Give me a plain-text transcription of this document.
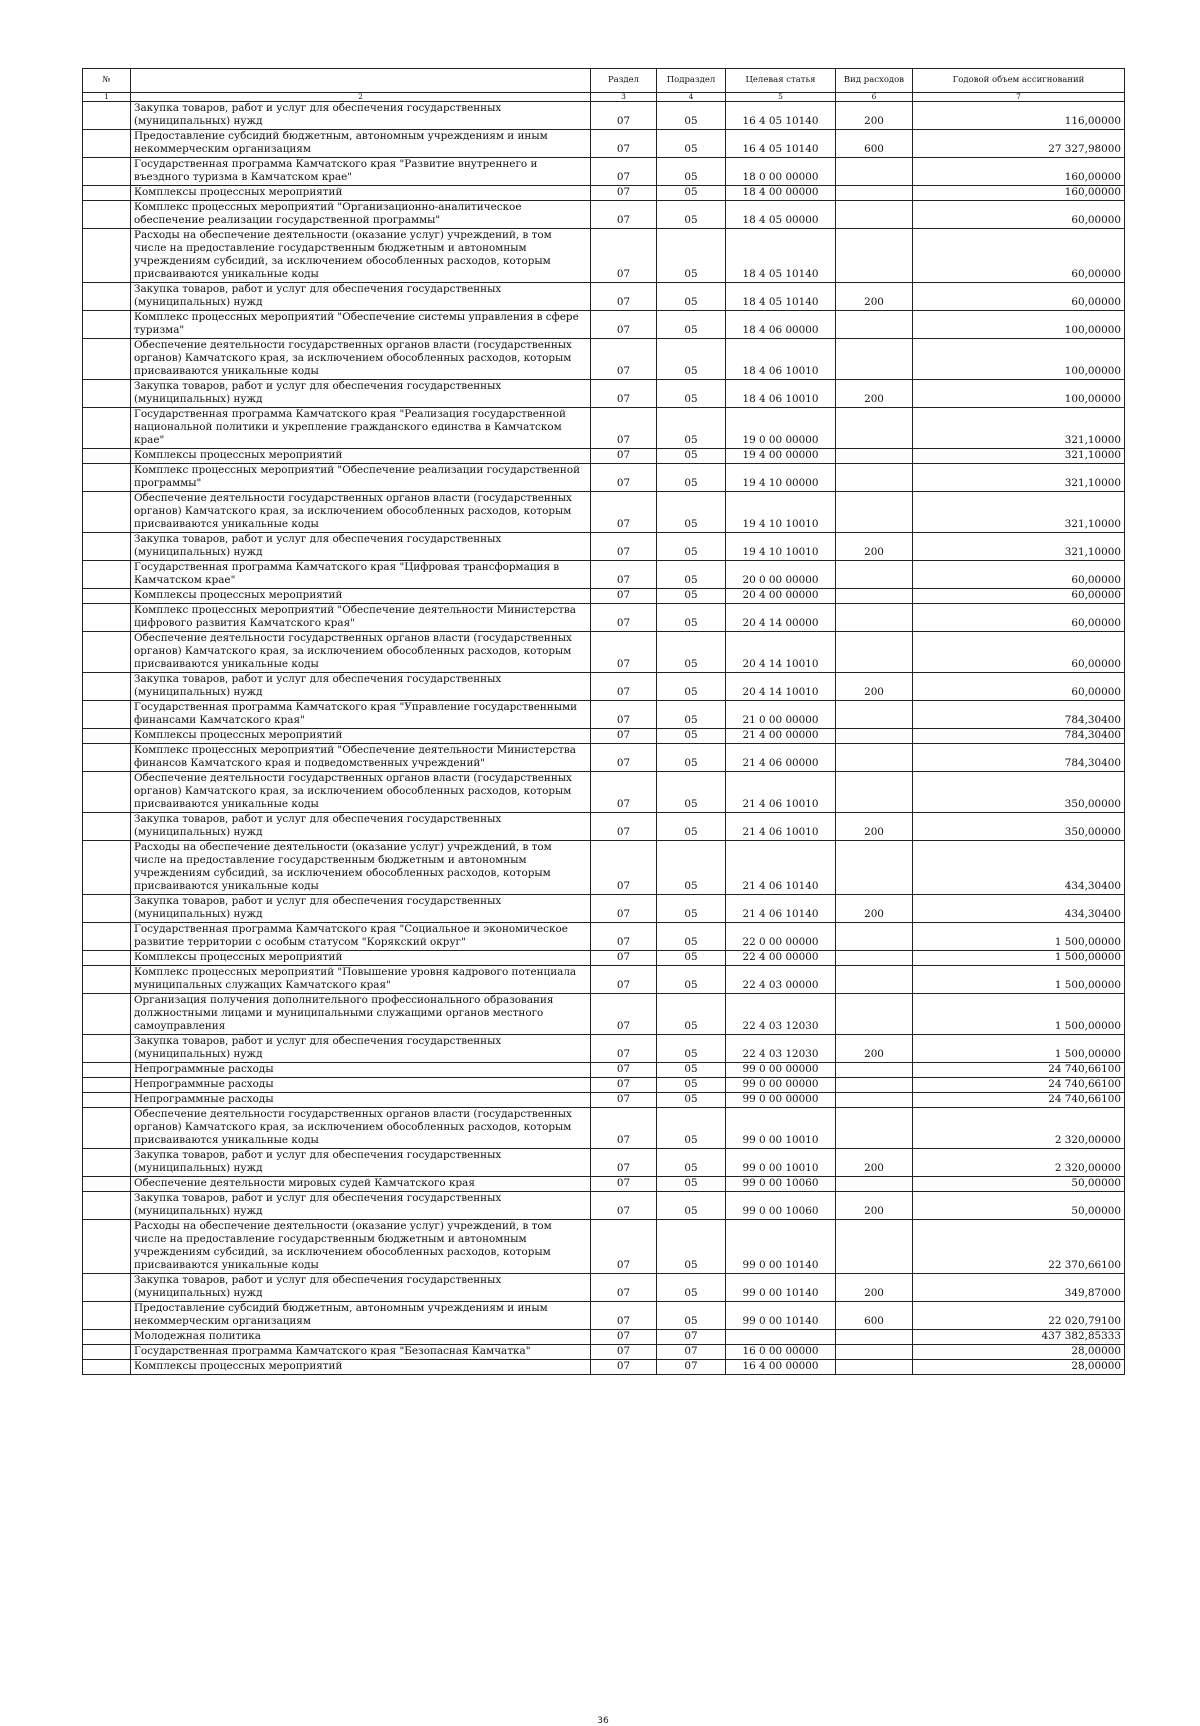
№		Раздел	Подраздел	Целевая статья	Вид расходов	Годовой объем ассигнований
1	2	3	4	5	6	7
	Закупка товаров, работ и услуг для обеспечения государственных (муниципальных) нужд	07	05	16 4 05 10140	200	116,00000
	Предоставление субсидий бюджетным, автономным учреждениям и иным некоммерческим организациям	07	05	16 4 05 10140	600	27 327,98000
	Государственная программа Камчатского края "Развитие внутреннего и въездного туризма в Камчатском крае"	07	05	18 0 00 00000		160,00000
	Комплексы процессных мероприятий	07	05	18 4 00 00000		160,00000
	Комплекс процессных мероприятий "Организационно-аналитическое обеспечение реализации государственной программы"	07	05	18 4 05 00000		60,00000
	Расходы на обеспечение деятельности (оказание услуг) учреждений, в том числе на предоставление государственным бюджетным и автономным учреждениям субсидий, за исключением обособленных расходов, которым присваиваются уникальные коды	07	05	18 4 05 10140		60,00000
	Закупка товаров, работ и услуг для обеспечения государственных (муниципальных) нужд	07	05	18 4 05 10140	200	60,00000
	Комплекс процессных мероприятий "Обеспечение системы управления в сфере туризма"	07	05	18 4 06 00000		100,00000
	Обеспечение деятельности государственных органов власти (государственных органов) Камчатского края, за исключением обособленных расходов, которым присваиваются уникальные коды	07	05	18 4 06 10010		100,00000
	Закупка товаров, работ и услуг для обеспечения государственных (муниципальных) нужд	07	05	18 4 06 10010	200	100,00000
	Государственная программа Камчатского края "Реализация государственной национальной политики и укрепление гражданского единства в Камчатском крае"	07	05	19 0 00 00000		321,10000
	Комплексы процессных мероприятий	07	05	19 4 00 00000		321,10000
	Комплекс процессных мероприятий "Обеспечение реализации государственной программы"	07	05	19 4 10 00000		321,10000
	Обеспечение деятельности государственных органов власти (государственных органов) Камчатского края, за исключением обособленных расходов, которым присваиваются уникальные коды	07	05	19 4 10 10010		321,10000
	Закупка товаров, работ и услуг для обеспечения государственных (муниципальных) нужд	07	05	19 4 10 10010	200	321,10000
	Государственная программа Камчатского края "Цифровая трансформация в Камчатском крае"	07	05	20 0 00 00000		60,00000
	Комплексы процессных мероприятий	07	05	20 4 00 00000		60,00000
	Комплекс процессных мероприятий "Обеспечение деятельности Министерства цифрового развития Камчатского края"	07	05	20 4 14 00000		60,00000
	Обеспечение деятельности государственных органов власти (государственных органов) Камчатского края, за исключением обособленных расходов, которым присваиваются уникальные коды	07	05	20 4 14 10010		60,00000
	Закупка товаров, работ и услуг для обеспечения государственных (муниципальных) нужд	07	05	20 4 14 10010	200	60,00000
	Государственная программа Камчатского края "Управление государственными финансами Камчатского края"	07	05	21 0 00 00000		784,30400
	Комплексы процессных мероприятий	07	05	21 4 00 00000		784,30400
	Комплекс процессных мероприятий "Обеспечение деятельности Министерства финансов Камчатского края и подведомственных учреждений"	07	05	21 4 06 00000		784,30400
	Обеспечение деятельности государственных органов власти (государственных органов) Камчатского края, за исключением обособленных расходов, которым присваиваются уникальные коды	07	05	21 4 06 10010		350,00000
	Закупка товаров, работ и услуг для обеспечения государственных (муниципальных) нужд	07	05	21 4 06 10010	200	350,00000
	Расходы на обеспечение деятельности (оказание услуг) учреждений, в том числе на предоставление государственным бюджетным и автономным учреждениям субсидий, за исключением обособленных расходов, которым присваиваются уникальные коды	07	05	21 4 06 10140		434,30400
	Закупка товаров, работ и услуг для обеспечения государственных (муниципальных) нужд	07	05	21 4 06 10140	200	434,30400
	Государственная программа Камчатского края "Социальное и экономическое развитие территории с особым статусом "Корякский округ"	07	05	22 0 00 00000		1 500,00000
	Комплексы процессных мероприятий	07	05	22 4 00 00000		1 500,00000
	Комплекс процессных мероприятий "Повышение уровня кадрового потенциала муниципальных служащих Камчатского края"	07	05	22 4 03 00000		1 500,00000
	Организация получения дополнительного профессионального образования должностными лицами и муниципальными служащими органов местного самоуправления	07	05	22 4 03 12030		1 500,00000
	Закупка товаров, работ и услуг для обеспечения государственных (муниципальных) нужд	07	05	22 4 03 12030	200	1 500,00000
	Непрограммные расходы	07	05	99 0 00 00000		24 740,66100
	Непрограммные расходы	07	05	99 0 00 00000		24 740,66100
	Непрограммные расходы	07	05	99 0 00 00000		24 740,66100
	Обеспечение деятельности государственных органов власти (государственных органов) Камчатского края, за исключением обособленных расходов, которым присваиваются уникальные коды	07	05	99 0 00 10010		2 320,00000
	Закупка товаров, работ и услуг для обеспечения государственных (муниципальных) нужд	07	05	99 0 00 10010	200	2 320,00000
	Обеспечение деятельности мировых судей Камчатского края	07	05	99 0 00 10060		50,00000
	Закупка товаров, работ и услуг для обеспечения государственных (муниципальных) нужд	07	05	99 0 00 10060	200	50,00000
	Расходы на обеспечение деятельности (оказание услуг) учреждений, в том числе на предоставление государственным бюджетным и автономным учреждениям субсидий, за исключением обособленных расходов, которым присваиваются уникальные коды	07	05	99 0 00 10140		22 370,66100
	Закупка товаров, работ и услуг для обеспечения государственных (муниципальных) нужд	07	05	99 0 00 10140	200	349,87000
	Предоставление субсидий бюджетным, автономным учреждениям и иным некоммерческим организациям	07	05	99 0 00 10140	600	22 020,79100
	Молодежная политика	07	07			437 382,85333
	Государственная программа Камчатского края "Безопасная Камчатка"	07	07	16 0 00 00000		28,00000
	Комплексы процессных мероприятий	07	07	16 4 00 00000		28,00000
36
